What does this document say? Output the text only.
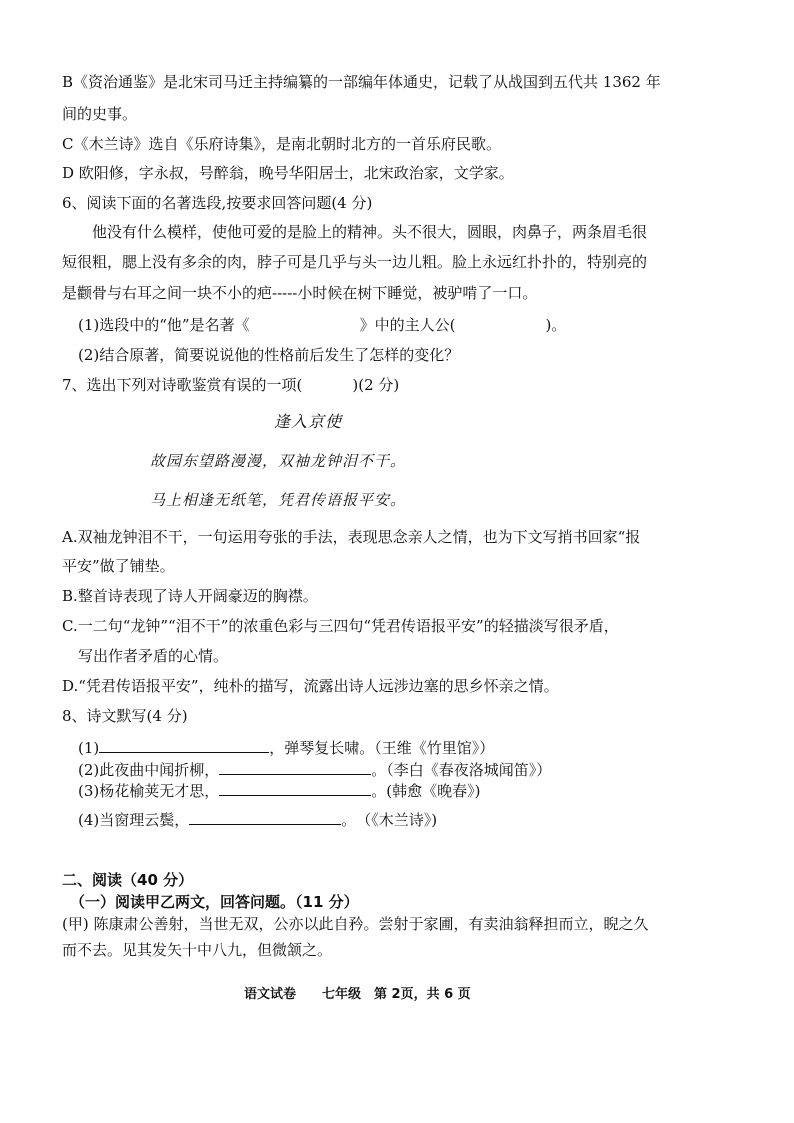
B《资治通鉴》是北宋司马迁主持编纂的一部编年体通史，记载了从战国到五代共 1362 年
间的史事。
C《木兰诗》选自《乐府诗集》，是南北朝时北方的一首乐府民歌。
D 欧阳修，字永叔，号醉翁，晚号华阳居士，北宋政治家，文学家。
6、阅读下面的名著选段,按要求回答问题(4 分)
他没有什么模样，使他可爱的是脸上的精神。头不很大，圆眼，肉鼻子，两条眉毛很
短很粗，腮上没有多余的肉，脖子可是几乎与头一边儿粗。脸上永远红扑扑的，特别亮的
是颧骨与右耳之间一块不小的疤-----小时候在树下睡觉，被驴啃了一口。
(1)选段中的“他”是名著《	》中的主人公(	)。
(2)结合原著，简要说说他的性格前后发生了怎样的变化？
7、选出下列对诗歌鉴赏有误的一项(	)(2 分)
逢入京使
故园东望路漫漫，双袖龙钟泪不干。
马上相逢无纸笔，凭君传语报平安。
A.双袖龙钟泪不干，一句运用夸张的手法，表现思念亲人之情，也为下文写捎书回家“报
平安”做了铺垫。
B.整首诗表现了诗人开阔豪迈的胸襟。
C.一二句“龙钟”“泪不干”的浓重色彩与三四句“凭君传语报平安”的轻描淡写很矛盾，
写出作者矛盾的心情。
D.“凭君传语报平安”，纯朴的描写，流露出诗人远涉边塞的思乡怀亲之情。
8、诗文默写(4 分)
(1)	，弹琴复长啸。（王维《竹里馆》）
(2)此夜曲中闻折柳，	。（李白《春夜洛城闻笛》）
(3)杨花榆荚无才思，	。(韩愈《晚春》)
(4)当窗理云鬓，	。　（《木兰诗》)
二、阅读（40 分）
（一）阅读甲乙两文，回答问题。（11 分）
(甲) 陈康肃公善射，当世无双，公亦以此自矜。尝射于家圃，有卖油翁释担而立，睨之久
而不去。见其发矢十中八九，但微颔之。
语文试卷 七年级 第 2页，共 6 页
